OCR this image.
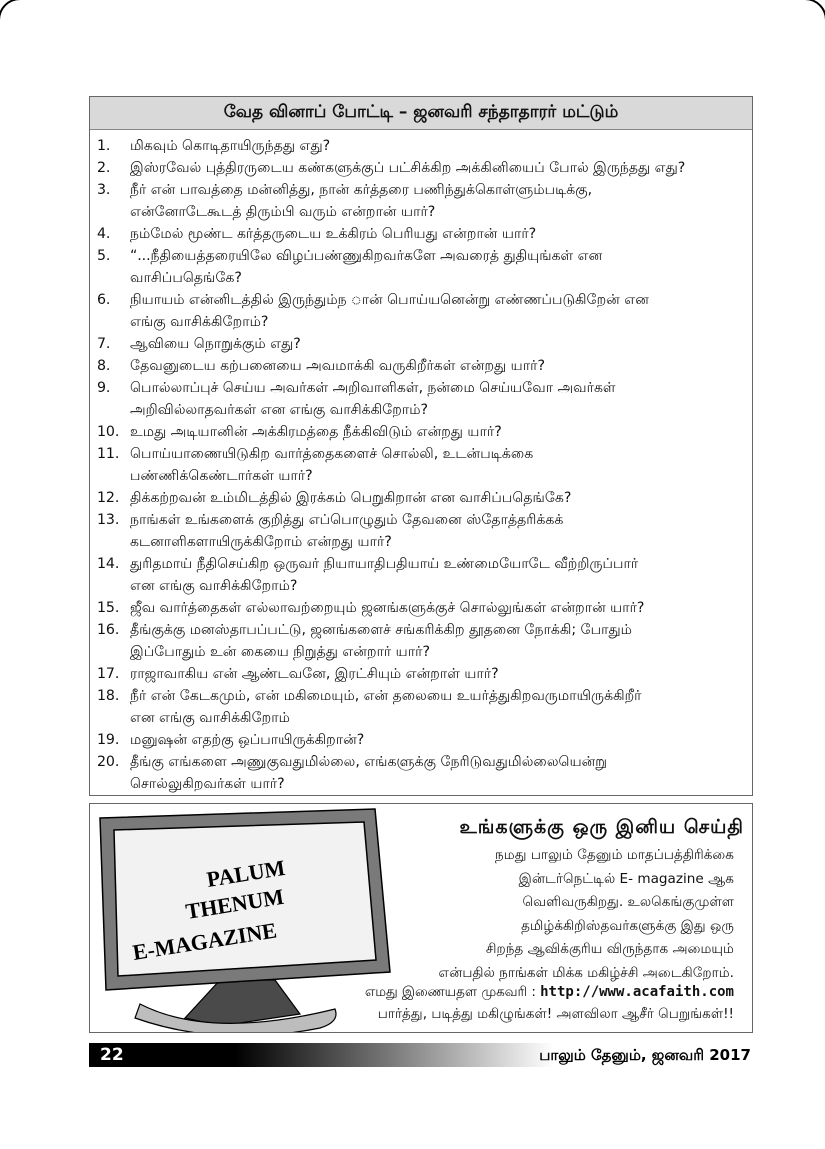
வேத வினாப் போட்டி – ஜனவரி சந்தாதாரர் மட்டும்
1.	மிகவும் கொடிதாயிருந்தது எது?
2.	இஸ்ரவேல் புத்திரருடைய கண்களுக்குப் பட்சிக்கிற அக்கினியைப் போல் இருந்தது எது?
3.	நீர் என் பாவத்தை மன்னித்து, நான் கர்த்தரை பணிந்துக்கொள்ளும்படிக்கு,
என்னோடேகூடத் திரும்பி வரும் என்றான் யார்?
4.	நம்மேல் மூண்ட கர்த்தருடைய உக்கிரம் பெரியது என்றான் யார்?
5.	“...நீதியைத்தரையிலே விழப்பண்ணுகிறவர்களே அவரைத் துதியுங்கள் என
வாசிப்பதெங்கே?
6.	நியாயம் என்னிடத்தில் இருந்தும்ந ான் பொய்யனென்று எண்ணப்படுகிறேன் என
எங்கு வாசிக்கிறோம்?
7.	ஆவியை நொறுக்கும் எது?
8.	தேவனுடைய கற்பனையை அவமாக்கி வருகிறீர்கள் என்றது யார்?
9.	பொல்லாப்புச் செய்ய அவர்கள் அறிவாளிகள், நன்மை செய்யவோ அவர்கள்
அறிவில்லாதவர்கள் என எங்கு வாசிக்கிறோம்?
10. உமது அடியானின் அக்கிரமத்தை நீக்கிவிடும் என்றது யார்?
11. பொய்யாணையிடுகிற வார்த்தைகளைச் சொல்லி, உடன்படிக்கை
பண்ணிக்கெண்டார்கள் யார்?
12. திக்கற்றவன் உம்மிடத்தில் இரக்கம் பெறுகிறான் என வாசிப்பதெங்கே?
13. நாங்கள் உங்களைக் குறித்து எப்பொழுதும் தேவனை ஸ்தோத்தரிக்கக்
கடனாளிகளாயிருக்கிறோம் என்றது யார்?
14. துரிதமாய் நீதிசெய்கிற ஒருவர் நியாயாதிபதியாய் உண்மையோடே வீற்றிருப்பார்
என எங்கு வாசிக்கிறோம்?
15. ஜீவ வார்த்தைகள் எல்லாவற்றையும் ஜனங்களுக்குச் சொல்லுங்கள் என்றான் யார்?
16. தீங்குக்கு மனஸ்தாபப்பட்டு, ஜனங்களைச் சங்கரிக்கிற தூதனை நோக்கி; போதும்
இப்போதும் உன் கையை நிறுத்து என்றார் யார்?
17. ராஜாவாகிய என் ஆண்டவனே, இரட்சியும் என்றாள் யார்?
18. நீர் என் கேடகமும், என் மகிமையும், என் தலையை உயர்த்துகிறவருமாயிருக்கிறீர்
என எங்கு வாசிக்கிறோம்
19. மனுஷன் எதற்கு ஒப்பாயிருக்கிறான்?
20. தீங்கு எங்களை அணுகுவதுமில்லை, எங்களுக்கு நேரிடுவதுமில்லையென்று
சொல்லுகிறவர்கள் யார்?
PALUM
THENUM
E-MAGAZINE
உங்களுக்கு ஒரு இனிய செய்தி
நமது பாலும் தேனும் மாதப்பத்திரிக்கை
இன்டர்நெட்டில் E- magazine ஆக
வெளிவருகிறது. உலகெங்குமுள்ள
தமிழ்க்கிறிஸ்தவர்களுக்கு இது ஒரு
சிறந்த ஆவிக்குரிய விருந்தாக அமையும்
என்பதில் நாங்கள் மிக்க மகிழ்ச்சி அடைகிறோம்.
எமது இணையதள முகவரி : http://www.acafaith.com
பார்த்து, படித்து மகிழுங்கள்! அளவிலா ஆசீர் பெறுங்கள்!!
22	பாலும் தேனும், ஜனவரி 2017
